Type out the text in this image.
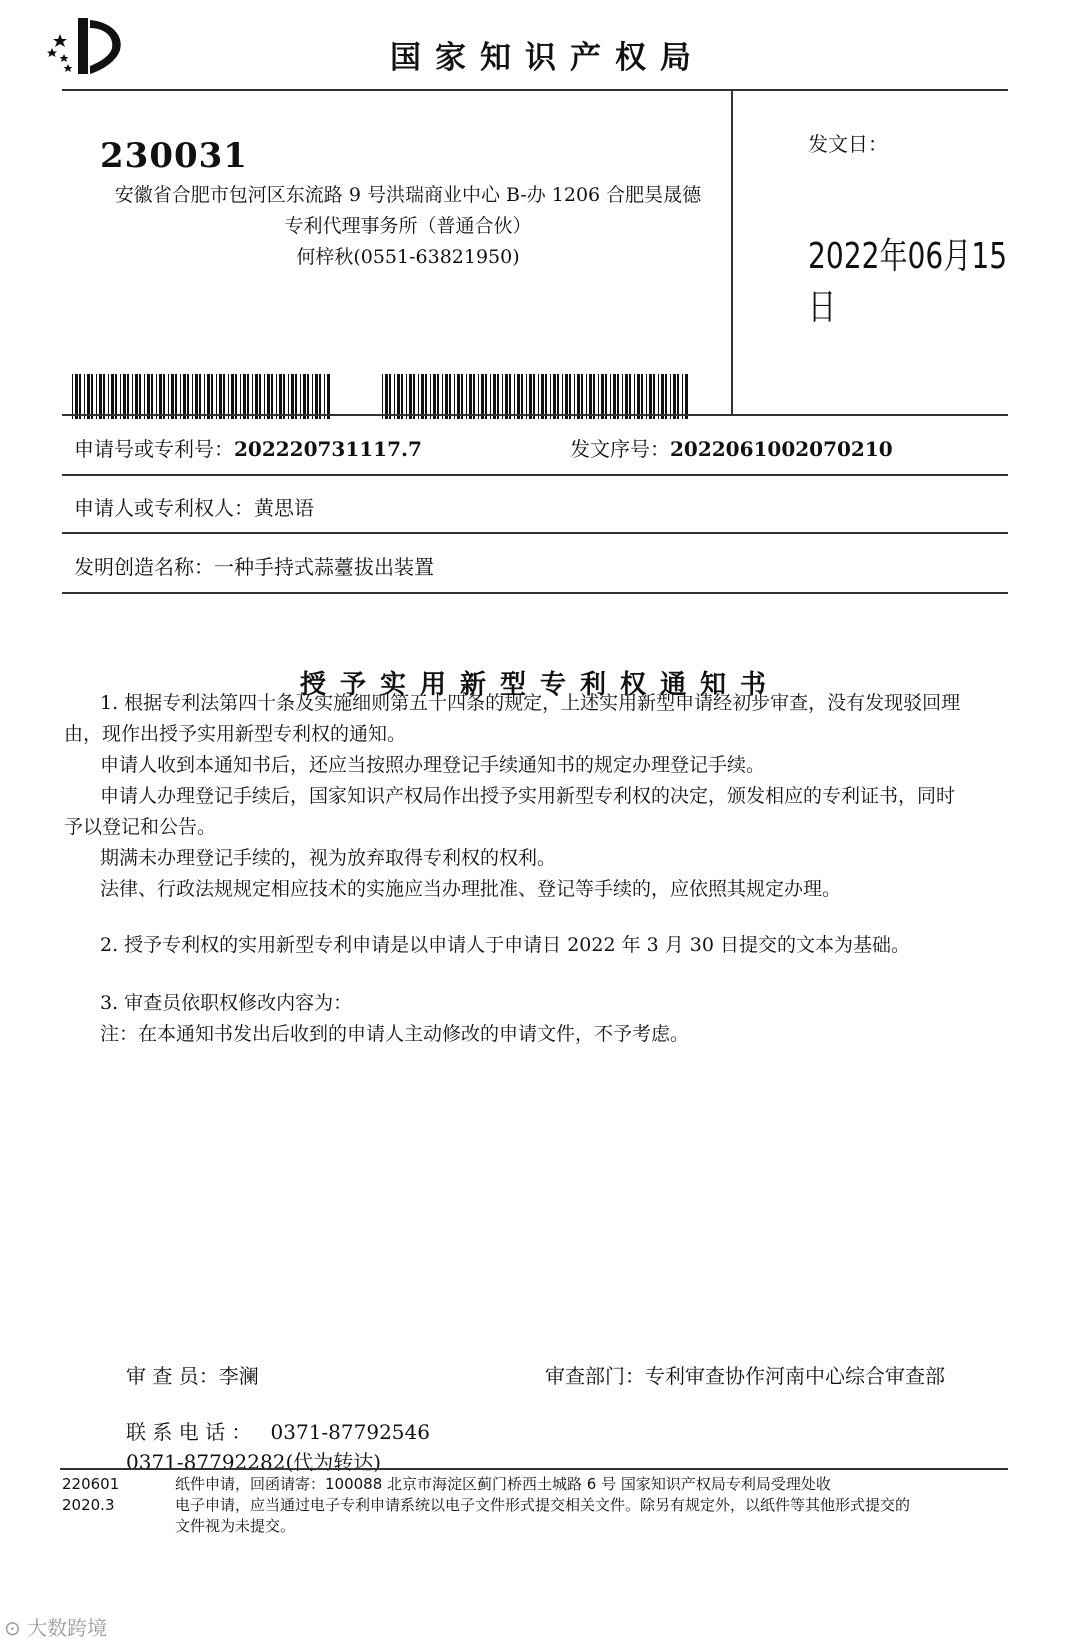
国家知识产权局
230031
安徽省合肥市包河区东流路 9 号洪瑞商业中心 B-办 1206 合肥昊晟德
专利代理事务所（普通合伙）
何梓秋(0551-63821950)
发文日：
2022年06月15日
申请号或专利号：202220731117.7	发文序号：2022061002070210
申请人或专利权人：黄思语
发明创造名称：一种手持式蒜薹拔出装置
授予实用新型专利权通知书
1. 根据专利法第四十条及实施细则第五十四条的规定，上述实用新型申请经初步审查，没有发现驳回理
由，现作出授予实用新型专利权的通知。
申请人收到本通知书后，还应当按照办理登记手续通知书的规定办理登记手续。
申请人办理登记手续后，国家知识产权局作出授予实用新型专利权的决定，颁发相应的专利证书，同时
予以登记和公告。
期满未办理登记手续的，视为放弃取得专利权的权利。
法律、行政法规规定相应技术的实施应当办理批准、登记等手续的，应依照其规定办理。
2. 授予专利权的实用新型专利申请是以申请人于申请日 2022 年 3 月 30 日提交的文本为基础。
3. 审查员依职权修改内容为：
注：在本通知书发出后收到的申请人主动修改的申请文件，不予考虑。
审 查 员：李澜	审查部门：专利审查协作河南中心综合审查部
联 系 电 话 ： 0371-87792546
0371-87792282(代为转达)
220601
2020.3
纸件申请，回函请寄：100088 北京市海淀区蓟门桥西土城路 6 号 国家知识产权局专利局受理处收
电子申请，应当通过电子专利申请系统以电子文件形式提交相关文件。除另有规定外，以纸件等其他形式提交的
文件视为未提交。
⊙ 大数跨境
